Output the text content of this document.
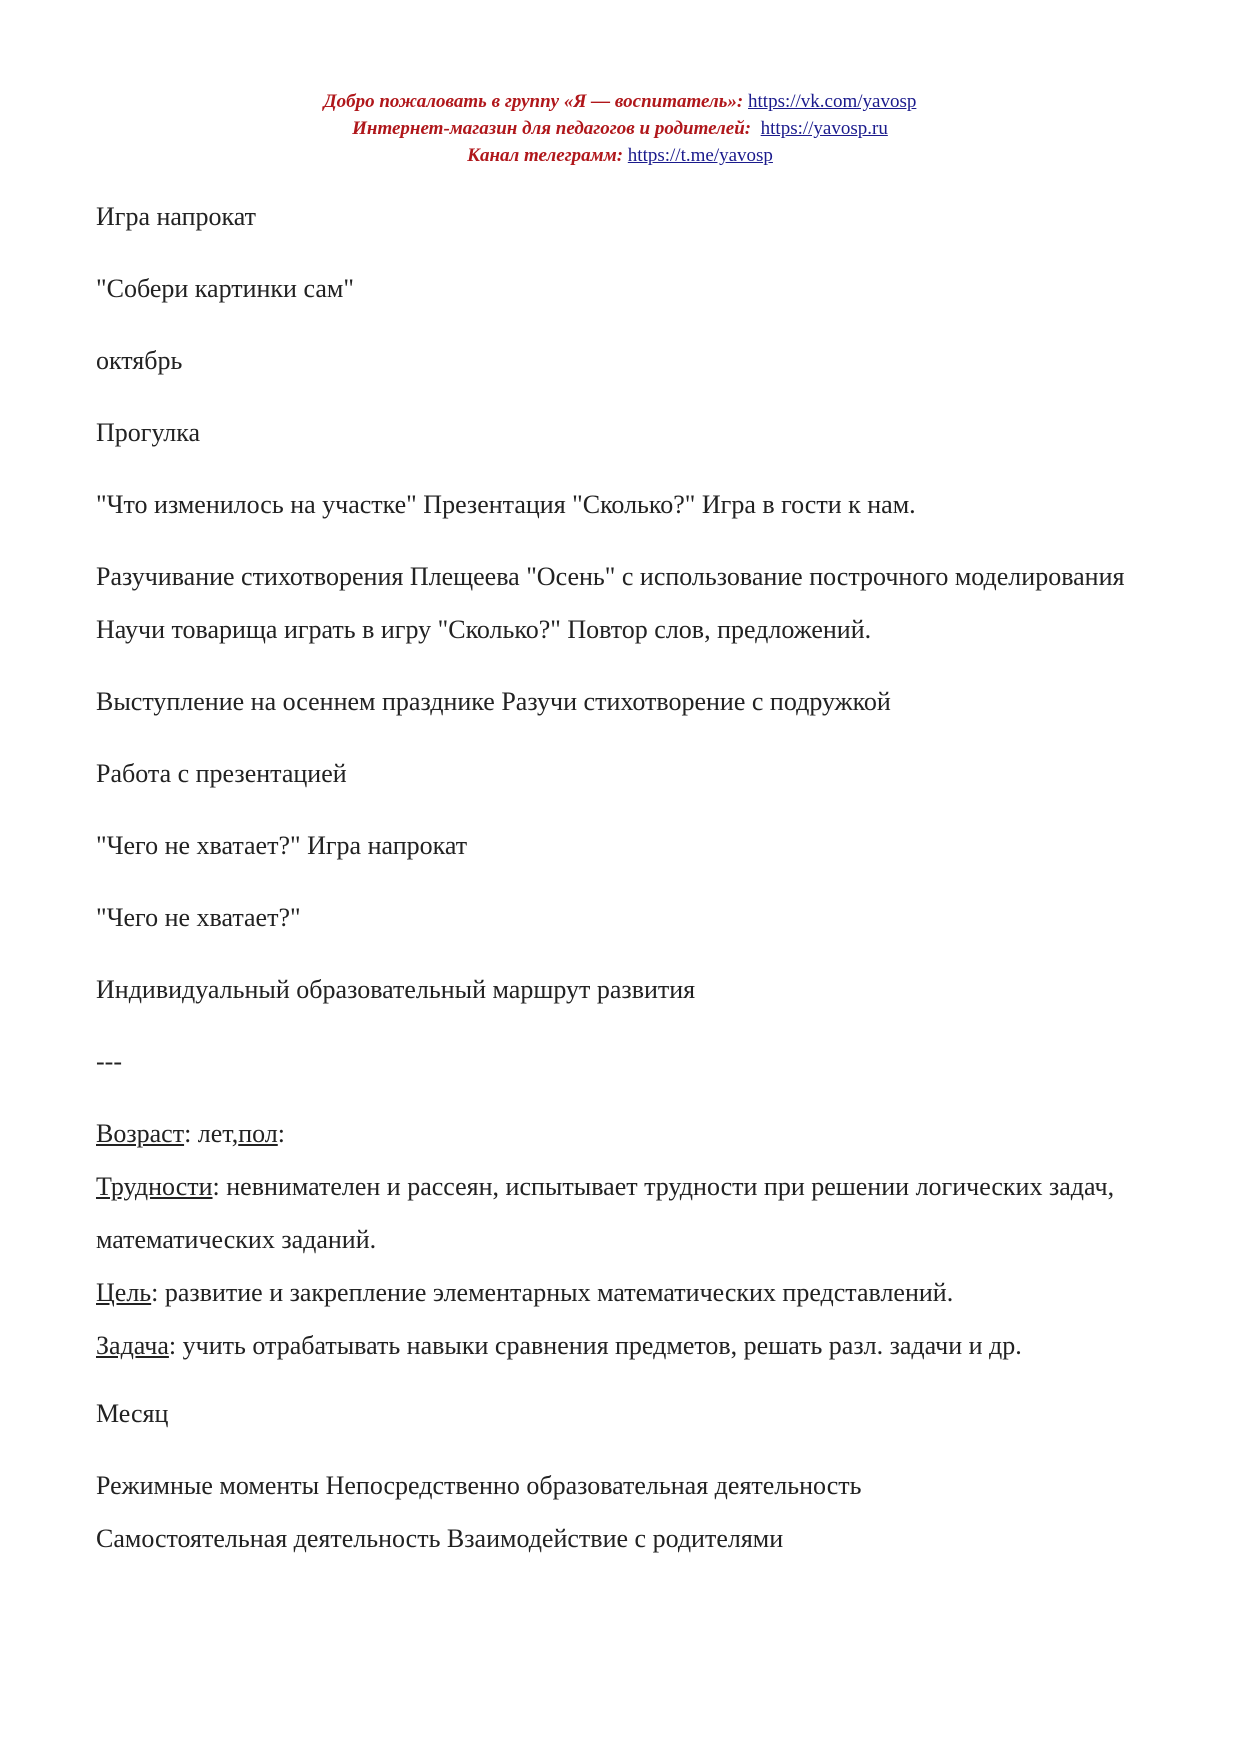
Добро пожаловать в группу «Я — воспитатель»: https://vk.com/yavosp
Интернет-магазин для педагогов и родителей: https://yavosp.ru
Канал телеграмм: https://t.me/yavosp

Игра напрокат

"Собери картинки сам"

октябрь

Прогулка

"Что изменилось на участке" Презентация "Сколько?" Игра в гости к нам.

Разучивание стихотворения Плещеева "Осень" с использование построчного моделирования Научи товарища играть в игру "Сколько?" Повтор слов, предложений.

Выступление на осеннем празднике Разучи стихотворение с подружкой

Работа с презентацией

"Чего не хватает?" Игра напрокат

"Чего не хватает?"

Индивидуальный образовательный маршрут развития

---

Возраст: лет,пол:

Трудности: невнимателен и рассеян, испытывает трудности при решении логических задач, математических заданий.

Цель: развитие и закрепление элементарных математических представлений.

Задача: учить отрабатывать навыки сравнения предметов, решать разл. задачи и др.

Месяц

Режимные моменты Непосредственно образовательная деятельность

Самостоятельная деятельность Взаимодействие с родителями
